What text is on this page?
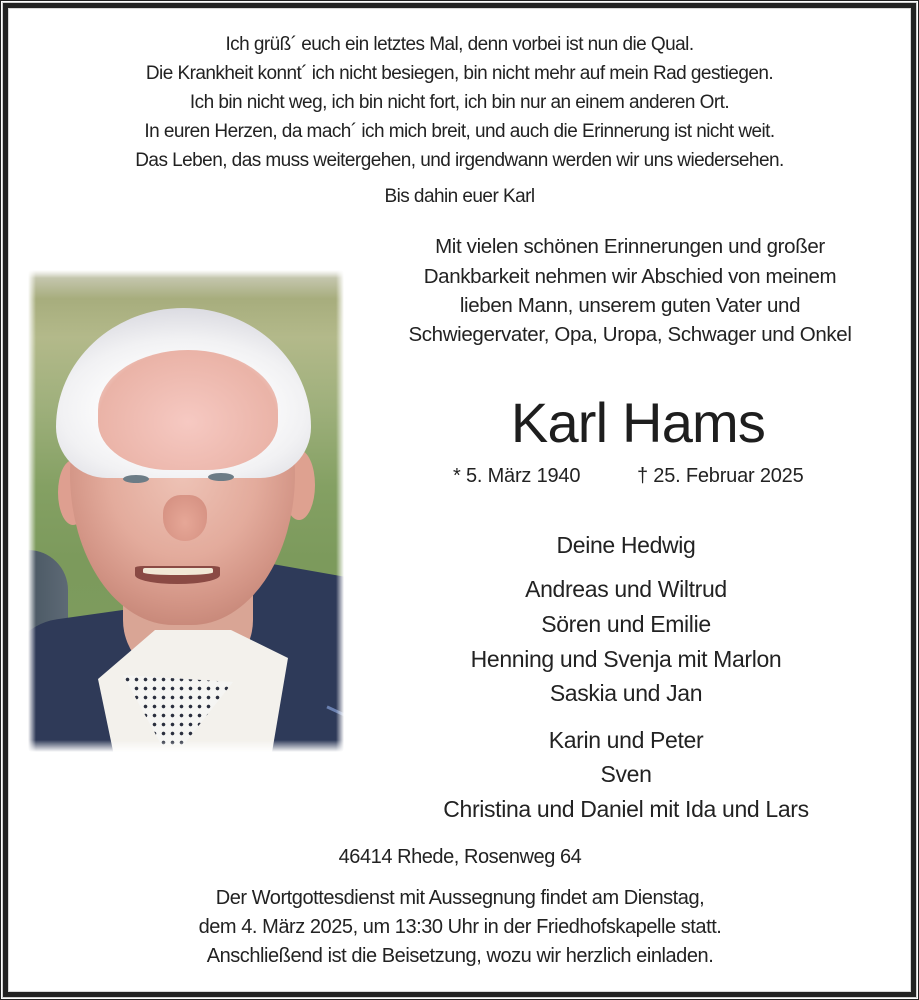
Ich grüß´ euch ein letztes Mal, denn vorbei ist nun die Qual.
Die Krankheit konnt´ ich nicht besiegen, bin nicht mehr auf mein Rad gestiegen.
Ich bin nicht weg, ich bin nicht fort, ich bin nur an einem anderen Ort.
In euren Herzen, da mach´ ich mich breit, und auch die Erinnerung ist nicht weit.
Das Leben, das muss weitergehen, und irgendwann werden wir uns wiedersehen.
Bis dahin euer Karl
Mit vielen schönen Erinnerungen und großer
Dankbarkeit nehmen wir Abschied von meinem
lieben Mann, unserem guten Vater und
Schwiegervater, Opa, Uropa, Schwager und Onkel
Karl Hams
* 5. März 1940	† 25. Februar 2025
Deine Hedwig
Andreas und Wiltrud
Sören und Emilie
Henning und Svenja mit Marlon
Saskia und Jan
Karin und Peter
Sven
Christina und Daniel mit Ida und Lars
46414 Rhede, Rosenweg 64
Der Wortgottesdienst mit Aussegnung findet am Dienstag,
dem 4. März 2025, um 13:30 Uhr in der Friedhofskapelle statt.
Anschließend ist die Beisetzung, wozu wir herzlich einladen.
